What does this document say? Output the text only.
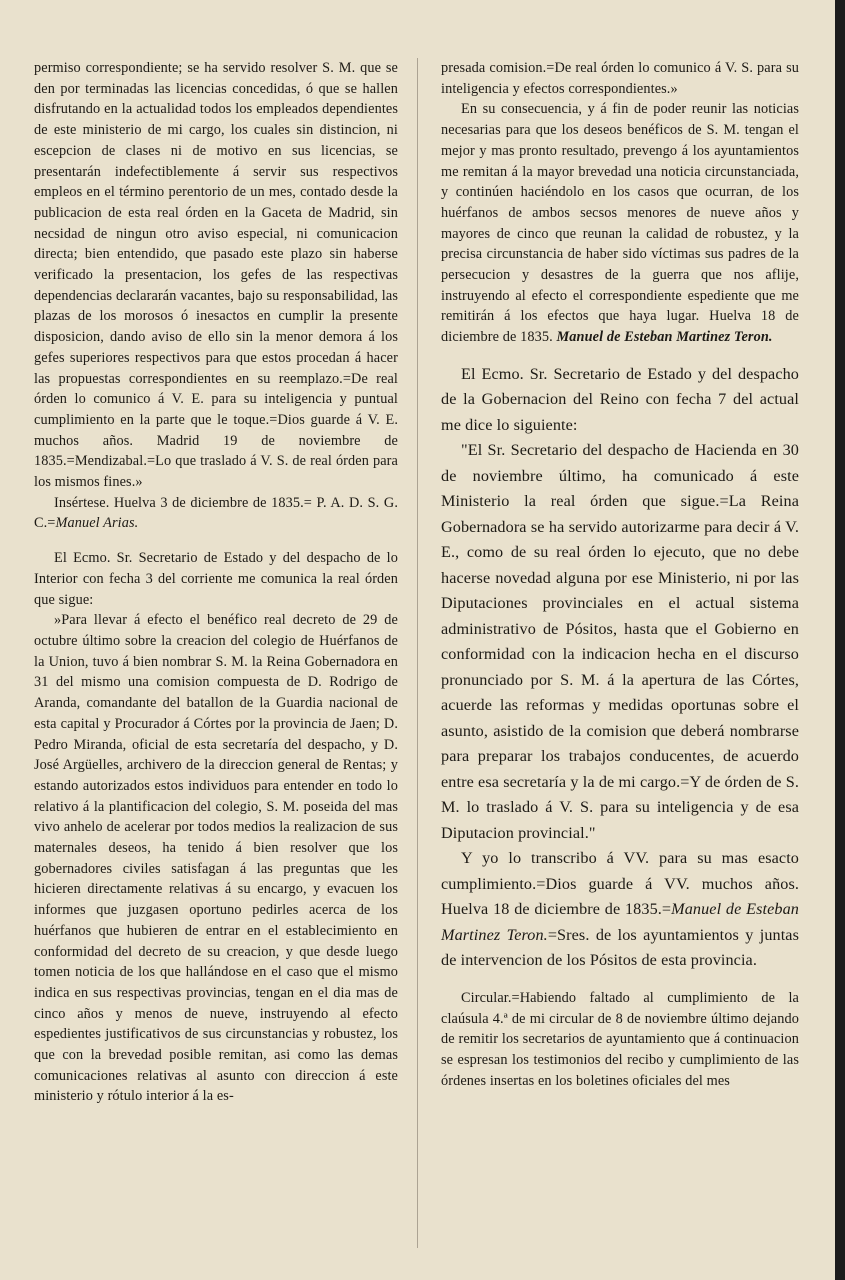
permiso correspondiente; se ha servido resolver S. M. que se den por terminadas las licencias concedidas, ó que se hallen disfrutando en la actualidad todos los empleados dependientes de este ministerio de mi cargo, los cuales sin distincion, ni escepcion de clases ni de motivo en sus licencias, se presentarán indefectiblemente á servir sus respectivos empleos en el término perentorio de un mes, contado desde la publicacion de esta real órden en la Gaceta de Madrid, sin necsidad de ningun otro aviso especial, ni comunicacion directa; bien entendido, que pasado este plazo sin haberse verificado la presentacion, los gefes de las respectivas dependencias declararán vacantes, bajo su responsabilidad, las plazas de los morosos ó inesactos en cumplir la presente disposicion, dando aviso de ello sin la menor demora á los gefes superiores respectivos para que estos procedan á hacer las propuestas correspondientes en su reemplazo.=De real órden lo comunico á V. E. para su inteligencia y puntual cumplimiento en la parte que le toque.=Dios guarde á V. E. muchos años. Madrid 19 de noviembre de 1835.=Mendizabal.=Lo que traslado á V. S. de real órden para los mismos fines.»

Insértese. Huelva 3 de diciembre de 1835.= P. A. D. S. G. C.=Manuel Arias.

El Ecmo. Sr. Secretario de Estado y del despacho de lo Interior con fecha 3 del corriente me comunica la real órden que sigue:

»Para llevar á efecto el benéfico real decreto de 29 de octubre último sobre la creacion del colegio de Huérfanos de la Union, tuvo á bien nombrar S. M. la Reina Gobernadora en 31 del mismo una comision compuesta de D. Rodrigo de Aranda, comandante del batallon de la Guardia nacional de esta capital y Procurador á Córtes por la provincia de Jaen; D. Pedro Miranda, oficial de esta secretaría del despacho, y D. José Argüelles, archivero de la direccion general de Rentas; y estando autorizados estos individuos para entender en todo lo relativo á la plantificacion del colegio, S. M. poseida del mas vivo anhelo de acelerar por todos medios la realizacion de sus maternales deseos, ha tenido á bien resolver que los gobernadores civiles satisfagan á las preguntas que les hicieren directamente relativas á su encargo, y evacuen los informes que juzgasen oportuno pedirles acerca de los huérfanos que hubieren de entrar en el establecimiento en conformidad del decreto de su creacion, y que desde luego tomen noticia de los que hallándose en el caso que el mismo indica en sus respectivas provincias, tengan en el dia mas de cinco años y menos de nueve, instruyendo al efecto espedientes justificativos de sus circunstancias y robustez, los que con la brevedad posible remitan, asi como las demas comunicaciones relativas al asunto con direccion á este ministerio y rótulo interior á la es-

presada comision.=De real órden lo comunico á V. S. para su inteligencia y efectos correspondientes.»

En su consecuencia, y á fin de poder reunir las noticias necesarias para que los deseos benéficos de S. M. tengan el mejor y mas pronto resultado, prevengo á los ayuntamientos me remitan á la mayor brevedad una noticia circunstanciada, y continúen haciéndolo en los casos que ocurran, de los huérfanos de ambos secsos menores de nueve años y mayores de cinco que reunan la calidad de robustez, y la precisa circunstancia de haber sido víctimas sus padres de la persecucion y desastres de la guerra que nos aflije, instruyendo al efecto el correspondiente espediente que me remitirán á los efectos que haya lugar. Huelva 18 de diciembre de 1835. Manuel de Esteban Martinez Teron.

El Ecmo. Sr. Secretario de Estado y del despacho de la Gobernacion del Reino con fecha 7 del actual me dice lo siguiente:

"El Sr. Secretario del despacho de Hacienda en 30 de noviembre último, ha comunicado á este Ministerio la real órden que sigue.=La Reina Gobernadora se ha servido autorizarme para decir á V. E., como de su real órden lo ejecuto, que no debe hacerse novedad alguna por ese Ministerio, ni por las Diputaciones provinciales en el actual sistema administrativo de Pósitos, hasta que el Gobierno en conformidad con la indicacion hecha en el discurso pronunciado por S. M. á la apertura de las Córtes, acuerde las reformas y medidas oportunas sobre el asunto, asistido de la comision que deberá nombrarse para preparar los trabajos conducentes, de acuerdo entre esa secretaría y la de mi cargo.=Y de órden de S. M. lo traslado á V. S. para su inteligencia y de esa Diputacion provincial."

Y yo lo transcribo á VV. para su mas esacto cumplimiento.=Dios guarde á VV. muchos años. Huelva 18 de diciembre de 1835.=Manuel de Esteban Martinez Teron.=Sres. de los ayuntamientos y juntas de intervencion de los Pósitos de esta provincia.

Circular.=Habiendo faltado al cumplimiento de la claúsula 4.ª de mi circular de 8 de noviembre último dejando de remitir los secretarios de ayuntamiento que á continuacion se espresan los testimonios del recibo y cumplimiento de las órdenes insertas en los boletines oficiales del mes
